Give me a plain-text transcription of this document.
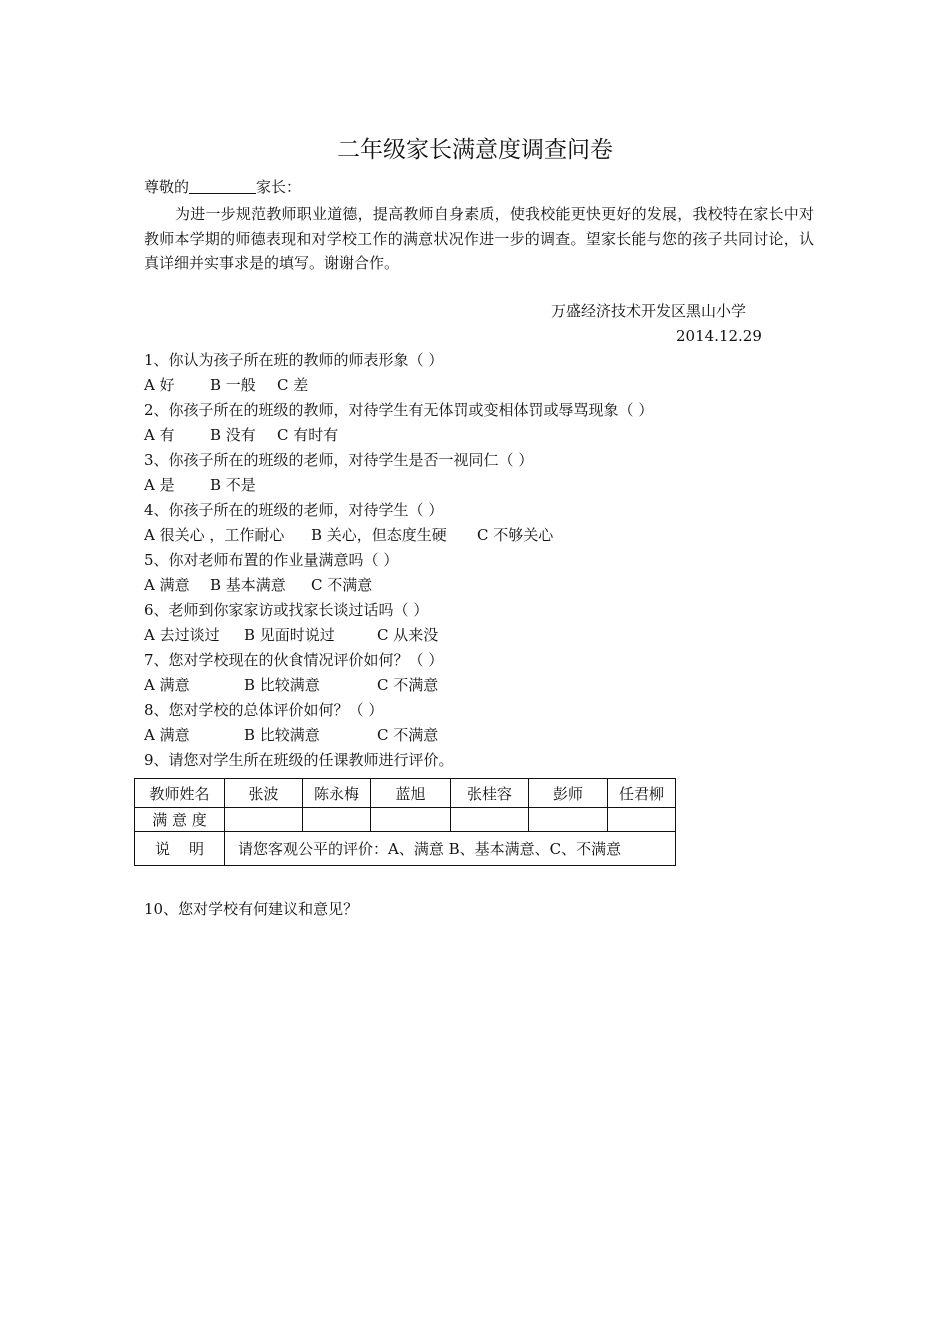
二年级家长满意度调查问卷
尊敬的	家长：
为进一步规范教师职业道德，提高教师自身素质，使我校能更快更好的发展，我校特在家长中对教师本学期的师德表现和对学校工作的满意状况作进一步的调查。望家长能与您的孩子共同讨论，认真详细并实事求是的填写。谢谢合作。
万盛经济技术开发区黑山小学
2014.12.29
1、你认为孩子所在班的教师的师表形象（ ）
A 好 B 一般 C 差
2、你孩子所在的班级的教师，对待学生有无体罚或变相体罚或辱骂现象（ ）
A 有 B 没有 C 有时有
3、你孩子所在的班级的老师，对待学生是否一视同仁（ ）
A 是 B 不是
4、你孩子所在的班级的老师，对待学生（ ）
A 很关心 ，工作耐心 B 关心，但态度生硬 C 不够关心
5、你对老师布置的作业量满意吗（ ）
A 满意 B 基本满意 C 不满意
6、老师到你家家访或找家长谈过话吗（ ）
A 去过谈过 B 见面时说过	C 从来没
7、您对学校现在的伙食情况评价如何？（ ）
A 满意	B 比较满意	C 不满意
8、您对学校的总体评价如何？（ ）
A 满意	B 比较满意	C 不满意
9、请您对学生所在班级的任课教师进行评价。
教师姓名	张波	陈永梅	蓝旭	张桂容	彭师	任君柳
满 意 度						
说    明	请您客观公平的评价：A、满意 B、基本满意、C、不满意					
10、您对学校有何建议和意见？
